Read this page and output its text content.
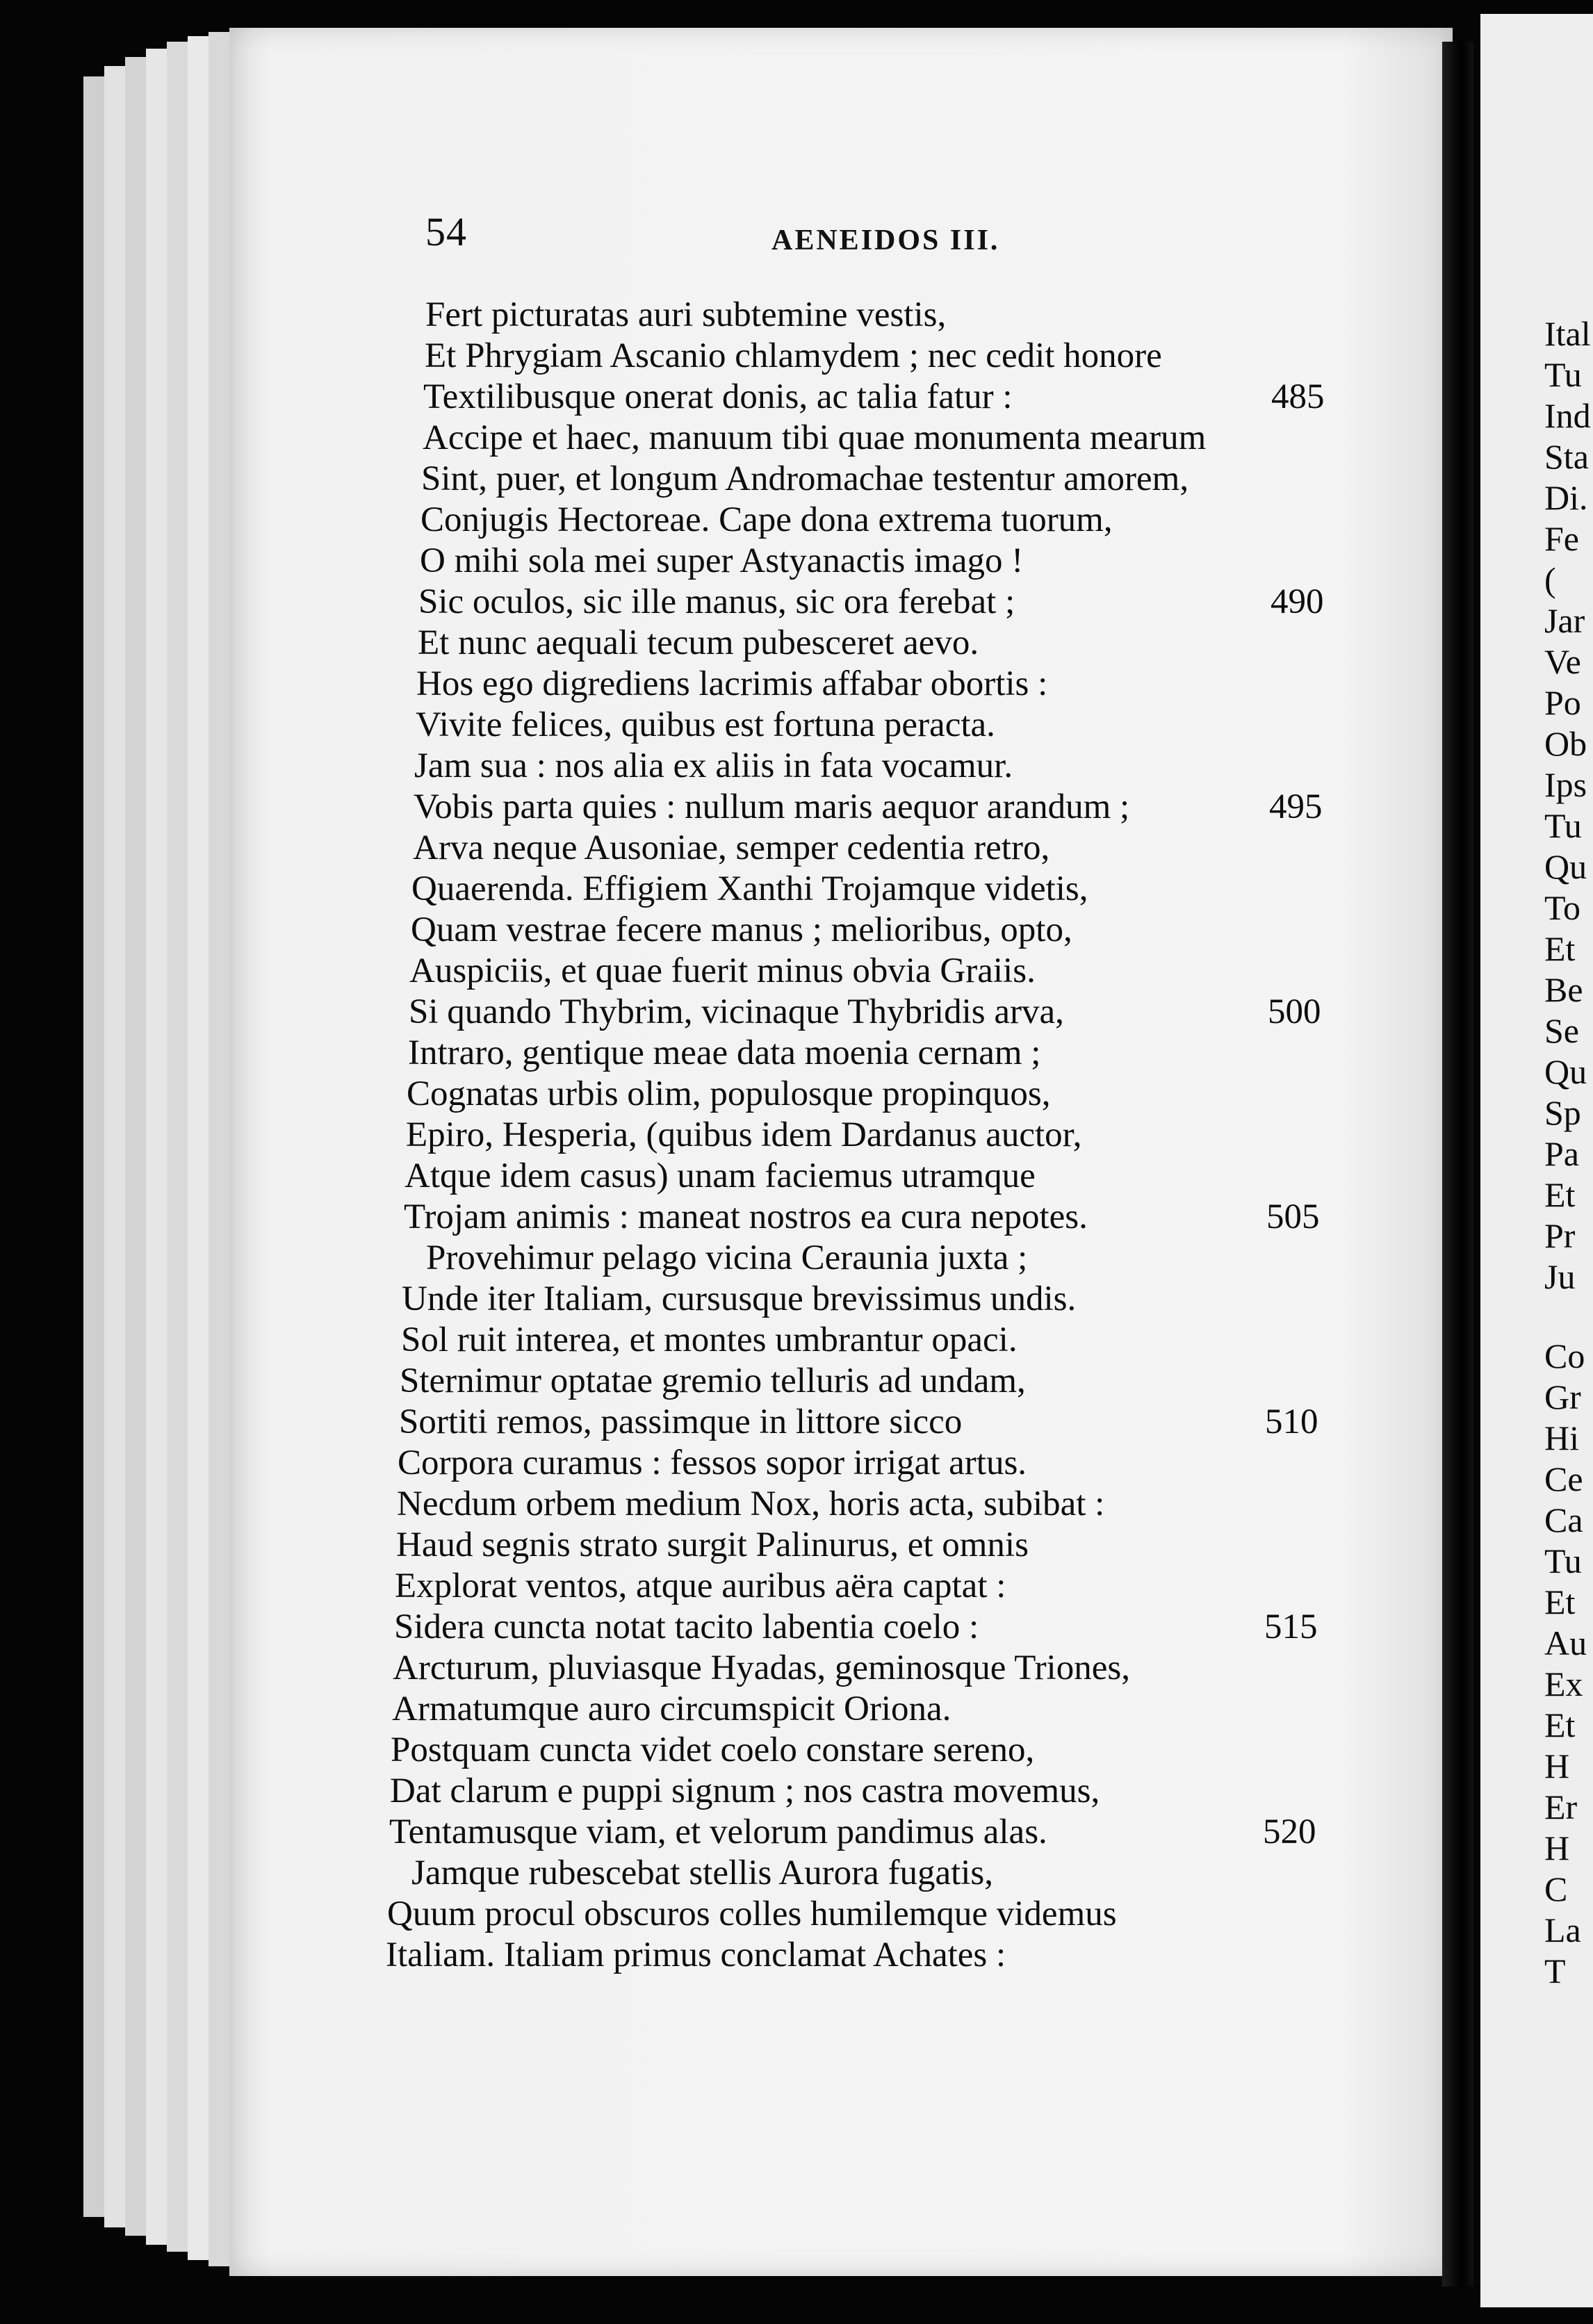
54	AENEIDOS III.
Fert picturatas auri subtemine vestis,
Et Phrygiam Ascanio chlamydem ; nec cedit honore
Textilibusque onerat donis, ac talia fatur :
Accipe et haec, manuum tibi quae monumenta mearum
Sint, puer, et longum Andromachae testentur amorem,
Conjugis Hectoreae. Cape dona extrema tuorum,
O mihi sola mei super Astyanactis imago !
Sic oculos, sic ille manus, sic ora ferebat ;
Et nunc aequali tecum pubesceret aevo.
Hos ego digrediens lacrimis affabar obortis :
Vivite felices, quibus est fortuna peracta.
Jam sua : nos alia ex aliis in fata vocamur.
Vobis parta quies : nullum maris aequor arandum ;
Arva neque Ausoniae, semper cedentia retro,
Quaerenda. Effigiem Xanthi Trojamque videtis,
Quam vestrae fecere manus ; melioribus, opto,
Auspiciis, et quae fuerit minus obvia Graiis.
Si quando Thybrim, vicinaque Thybridis arva,
Intraro, gentique meae data moenia cernam ;
Cognatas urbis olim, populosque propinquos,
Epiro, Hesperia, (quibus idem Dardanus auctor,
Atque idem casus) unam faciemus utramque
Trojam animis : maneat nostros ea cura nepotes.
Provehimur pelago vicina Ceraunia juxta ;
Unde iter Italiam, cursusque brevissimus undis.
Sol ruit interea, et montes umbrantur opaci.
Sternimur optatae gremio telluris ad undam,
Sortiti remos, passimque in littore sicco
Corpora curamus : fessos sopor irrigat artus.
Necdum orbem medium Nox, horis acta, subibat :
Haud segnis strato surgit Palinurus, et omnis
Explorat ventos, atque auribus aëra captat :
Sidera cuncta notat tacito labentia coelo :
Arcturum, pluviasque Hyadas, geminosque Triones,
Armatumque auro circumspicit Oriona.
Postquam cuncta videt coelo constare sereno,
Dat clarum e puppi signum ; nos castra movemus,
Tentamusque viam, et velorum pandimus alas.
Jamque rubescebat stellis Aurora fugatis,
Quum procul obscuros colles humilemque videmus
Italiam. Italiam primus conclamat Achates :
485
490
495
500
505
510
515
520
Ital
Tu
Ind
Sta
Di.
Fe
(
Jar
Ve
Po
Ob
Ips
Tu
Qu
To
Et
Be
Se
Qu
Sp
Pa
Et
Pr
Ju
Co
Gr
Hi
Ce
Ca
Tu
Et
Au
Ex
Et
H
Er
H
C
La
T
